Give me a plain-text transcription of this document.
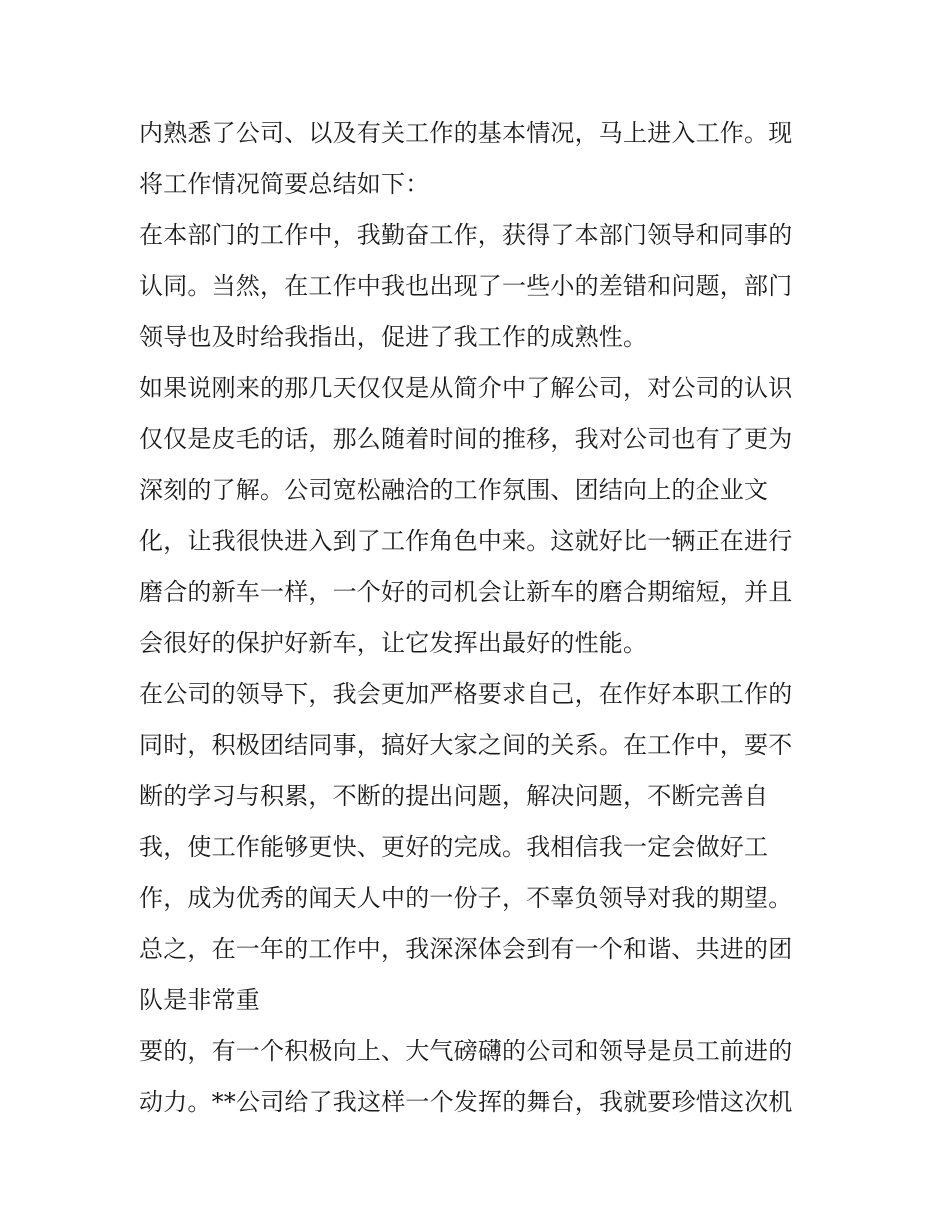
内熟悉了公司、以及有关工作的基本情况，马上进入工作。现
将工作情况简要总结如下：
在本部门的工作中，我勤奋工作，获得了本部门领导和同事的
认同。当然，在工作中我也出现了一些小的差错和问题，部门
领导也及时给我指出，促进了我工作的成熟性。
如果说刚来的那几天仅仅是从简介中了解公司，对公司的认识
仅仅是皮毛的话，那么随着时间的推移，我对公司也有了更为
深刻的了解。公司宽松融洽的工作氛围、团结向上的企业文
化，让我很快进入到了工作角色中来。这就好比一辆正在进行
磨合的新车一样，一个好的司机会让新车的磨合期缩短，并且
会很好的保护好新车，让它发挥出最好的性能。
在公司的领导下，我会更加严格要求自己，在作好本职工作的
同时，积极团结同事，搞好大家之间的关系。在工作中，要不
断的学习与积累，不断的提出问题，解决问题，不断完善自
我，使工作能够更快、更好的完成。我相信我一定会做好工
作，成为优秀的闻天人中的一份子，不辜负领导对我的期望。
总之，在一年的工作中，我深深体会到有一个和谐、共进的团
队是非常重
要的，有一个积极向上、大气磅礴的公司和领导是员工前进的
动力。**公司给了我这样一个发挥的舞台，我就要珍惜这次机
